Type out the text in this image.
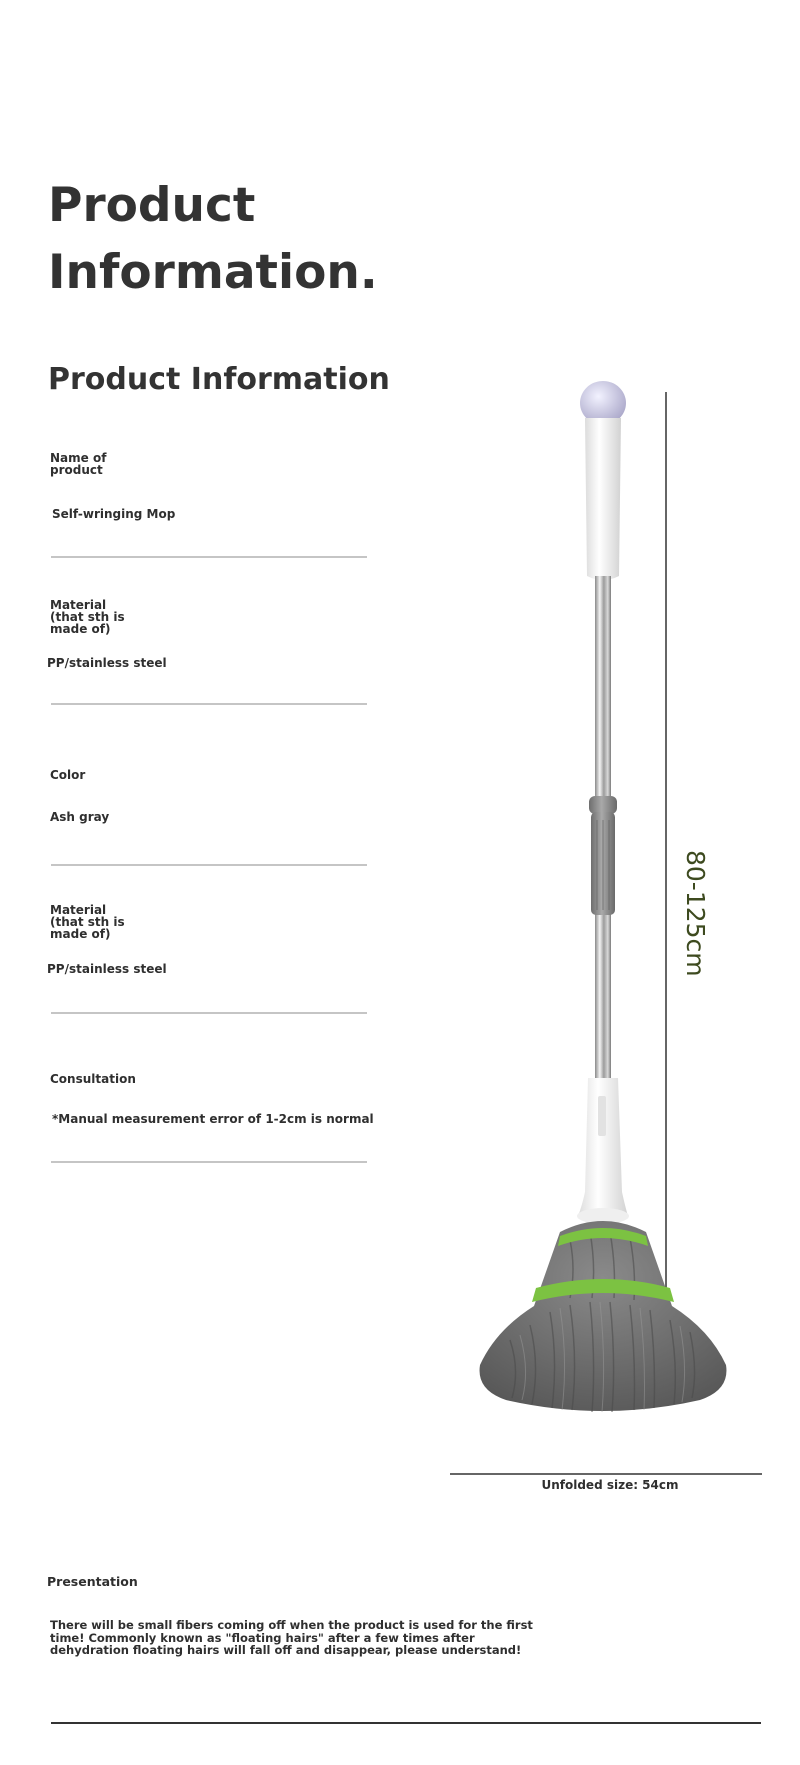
Product
Information.
Product Information
Name of
product
Self-wringing Mop
Material
(that sth is
made of)
PP/stainless steel
Color
Ash gray
Material
(that sth is
made of)
PP/stainless steel
Consultation
*Manual measurement error of 1-2cm is normal
80-125cm
Unfolded size: 54cm
Presentation

There will be small fibers coming off when the product is used for the first time! Commonly known as "floating hairs" after a few times after dehydration floating hairs will fall off and disappear, please understand!
